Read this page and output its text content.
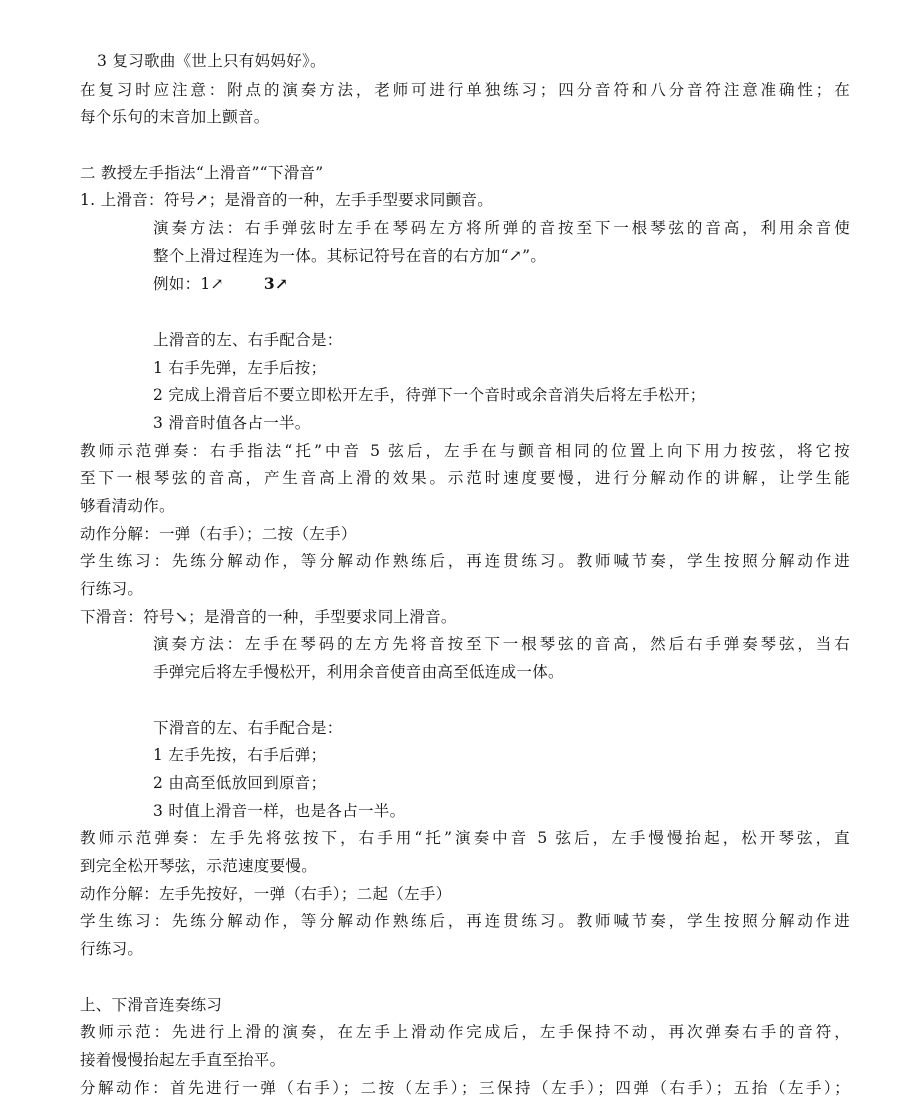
3 复习歌曲《世上只有妈妈好》。
在复习时应注意：附点的演奏方法，老师可进行单独练习；四分音符和八分音符注意准确性；在
每个乐句的末音加上颤音。
二 教授左手指法“上滑音”“下滑音”
1. 上滑音：符号↗；是滑音的一种，左手手型要求同颤音。
演奏方法：右手弹弦时左手在琴码左方将所弹的音按至下一根琴弦的音高，利用余音使
整个上滑过程连为一体。其标记符号在音的右方加“↗”。
例如：1↗	3↗
上滑音的左、右手配合是：
1 右手先弹，左手后按；
2 完成上滑音后不要立即松开左手，待弹下一个音时或余音消失后将左手松开；
3 滑音时值各占一半。
教师示范弹奏：右手指法“托”中音 5 弦后，左手在与颤音相同的位置上向下用力按弦，将它按
至下一根琴弦的音高，产生音高上滑的效果。示范时速度要慢，进行分解动作的讲解，让学生能
够看清动作。
动作分解：一弹（右手）；二按（左手）
学生练习：先练分解动作，等分解动作熟练后，再连贯练习。教师喊节奏，学生按照分解动作进
行练习。
下滑音：符号↘；是滑音的一种，手型要求同上滑音。
演奏方法：左手在琴码的左方先将音按至下一根琴弦的音高，然后右手弹奏琴弦，当右
手弹完后将左手慢松开，利用余音使音由高至低连成一体。
下滑音的左、右手配合是：
1 左手先按，右手后弹；
2 由高至低放回到原音；
3 时值上滑音一样，也是各占一半。
教师示范弹奏：左手先将弦按下，右手用“托”演奏中音 5 弦后，左手慢慢抬起，松开琴弦，直
到完全松开琴弦，示范速度要慢。
动作分解：左手先按好，一弹（右手）；二起（左手）
学生练习：先练分解动作，等分解动作熟练后，再连贯练习。教师喊节奏，学生按照分解动作进
行练习。
上、下滑音连奏练习
教师示范：先进行上滑的演奏，在左手上滑动作完成后，左手保持不动，再次弹奏右手的音符，
接着慢慢抬起左手直至抬平。
分解动作：首先进行一弹（右手）；二按（左手）；三保持（左手）；四弹（右手）；五抬（左手）；
